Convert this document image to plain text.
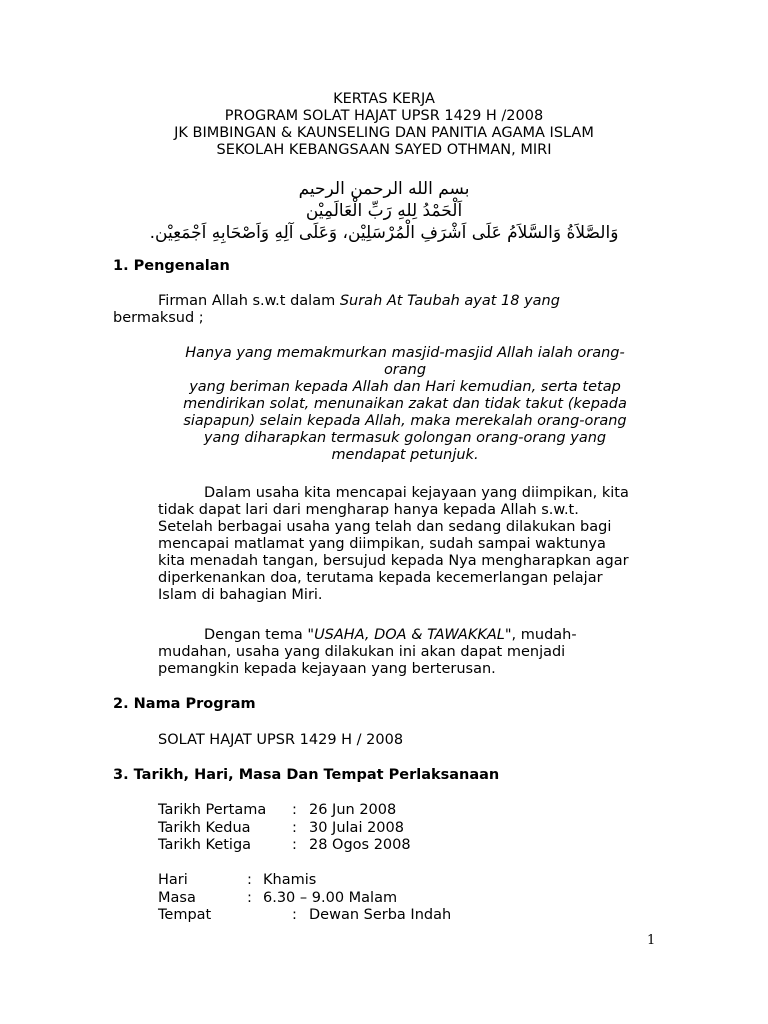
KERTAS KERJA
PROGRAM SOLAT HAJAT UPSR 1429 H /2008
JK BIMBINGAN & KAUNSELING DAN PANITIA AGAMA ISLAM
SEKOLAH KEBANGSAAN SAYED OTHMAN, MIRI
بسم الله الرحمن الرحيم
اَلْحَمْدُ لِلهِ رَبِّ الْعَالَمِيْن
وَالصَّلاَةُ وَالسَّلاَمُ عَلَى اَشْرَفِ الْمُرْسَلِيْن، وَعَلَى آلِهِ وَاَصْحَابِهِ اَجْمَعِيْن.
1. Pengenalan
Firman Allah s.w.t dalam Surah At Taubah ayat 18 yang
bermaksud ;
Hanya yang memakmurkan masjid-masjid Allah ialah orang-
orang
yang beriman kepada Allah dan Hari kemudian, serta tetap
mendirikan solat, menunaikan zakat dan tidak takut (kepada
siapapun) selain kepada Allah, maka merekalah orang-orang
yang diharapkan termasuk golongan orang-orang yang
mendapat petunjuk.
Dalam usaha kita mencapai kejayaan yang diimpikan, kita
tidak dapat lari dari mengharap hanya kepada Allah s.w.t.
Setelah berbagai usaha yang telah dan sedang dilakukan bagi
mencapai matlamat yang diimpikan, sudah sampai waktunya
kita menadah tangan, bersujud kepada Nya mengharapkan agar
diperkenankan doa, terutama kepada kecemerlangan pelajar
Islam di bahagian Miri.
Dengan tema "USAHA, DOA & TAWAKKAL", mudah-
mudahan, usaha yang dilakukan ini akan dapat menjadi
pemangkin kepada kejayaan yang berterusan.
2. Nama Program
SOLAT HAJAT UPSR 1429 H / 2008
3. Tarikh, Hari, Masa Dan Tempat Perlaksanaan
Tarikh Pertama : 26 Jun 2008
Tarikh Kedua	: 30 Julai 2008
Tarikh Ketiga	: 28 Ogos 2008
Hari	: Khamis
Masa	: 6.30 – 9.00 Malam
Tempat	: Dewan Serba Indah
1
